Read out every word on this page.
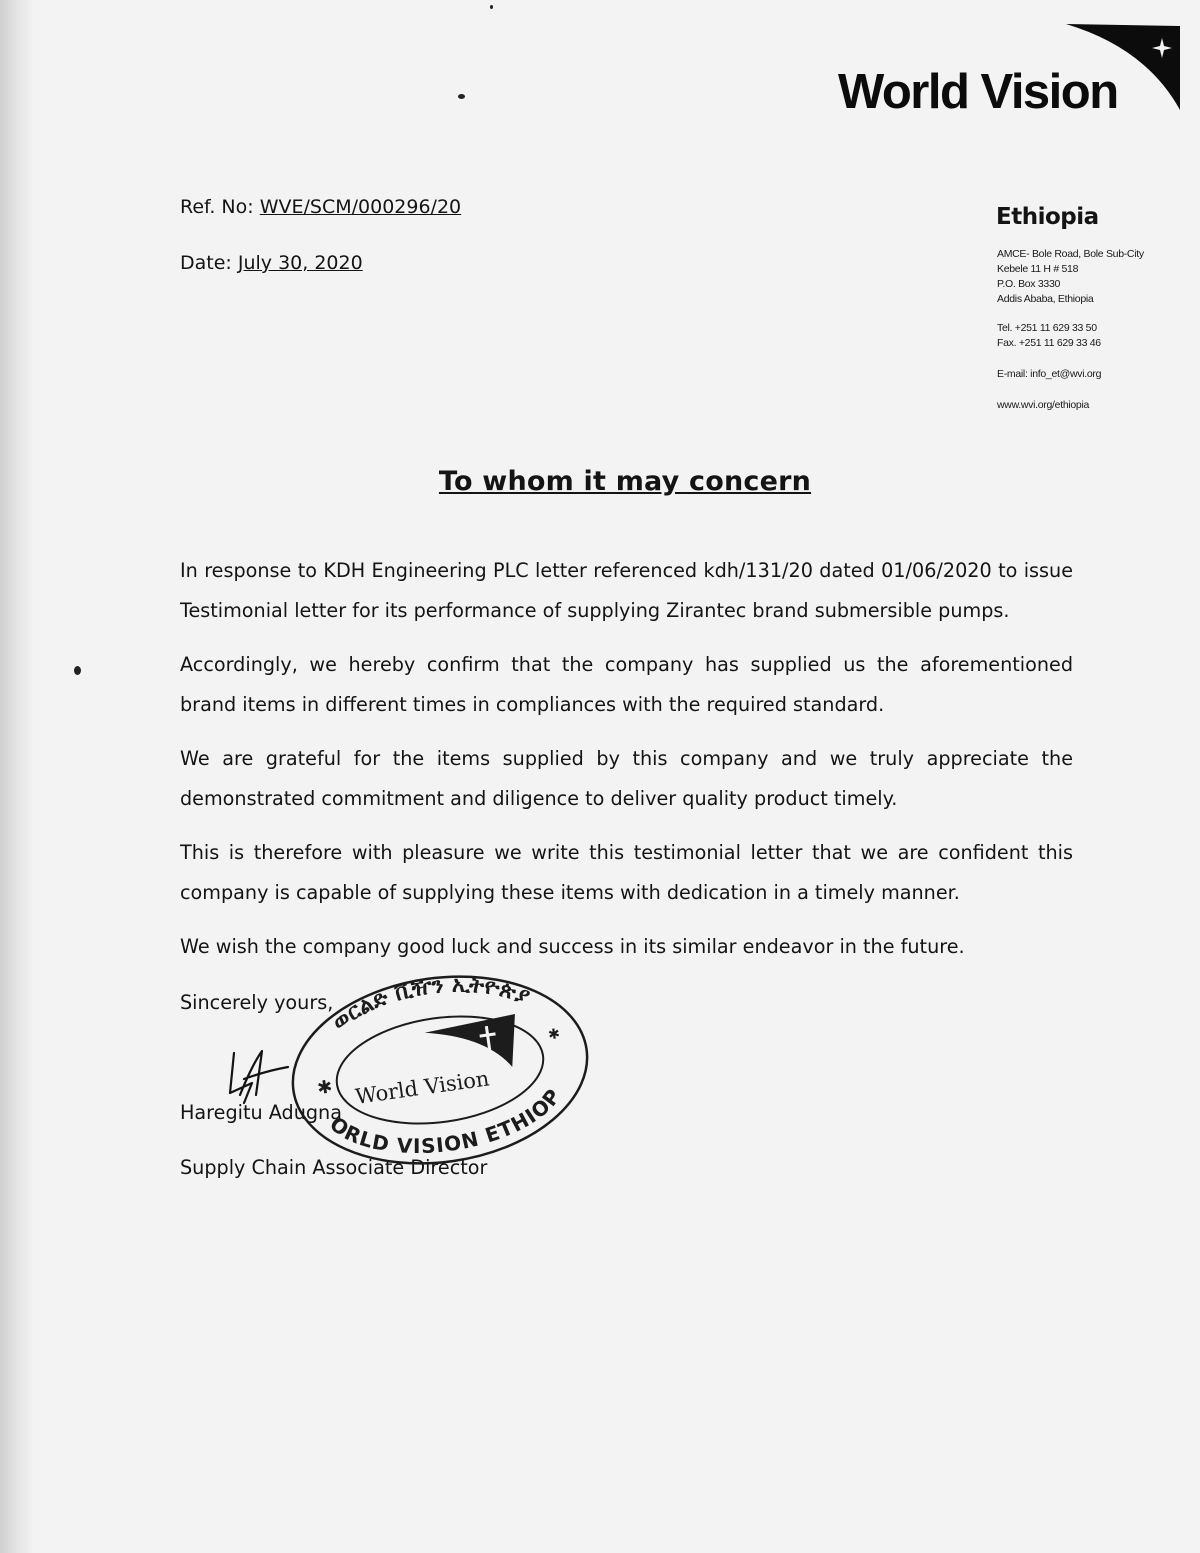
World Vision
Ref. No: WVE/SCM/000296/20
Date: July 30, 2020
Ethiopia
AMCE- Bole Road, Bole Sub-City
Kebele 11 H # 518
P.O. Box 3330
Addis Ababa, Ethiopia
Tel. +251 11 629 33 50
Fax. +251 11 629 33 46
E-mail: info_et@wvi.org
www.wvi.org/ethiopia
To whom it may concern

In response to KDH Engineering PLC letter referenced kdh/131/20 dated 01/06/2020 to issue Testimonial letter for its performance of supplying Zirantec brand submersible pumps.

Accordingly, we hereby confirm that the company has supplied us the aforementioned brand items in different times in compliances with the required standard.

We are grateful for the items supplied by this company and we truly appreciate the demonstrated commitment and diligence to deliver quality product timely.

This is therefore with pleasure we write this testimonial letter that we are confident this company is capable of supplying these items with dedication in a timely manner.

We wish the company good luck and success in its similar endeavor in the future.

Sincerely yours,
Haregitu Adugna
Supply Chain Associate Director
ወርልድ ቪዥን ኢትዮጵያ
WORLD VISION ETHIOPIA
World Vision
✱
✱
